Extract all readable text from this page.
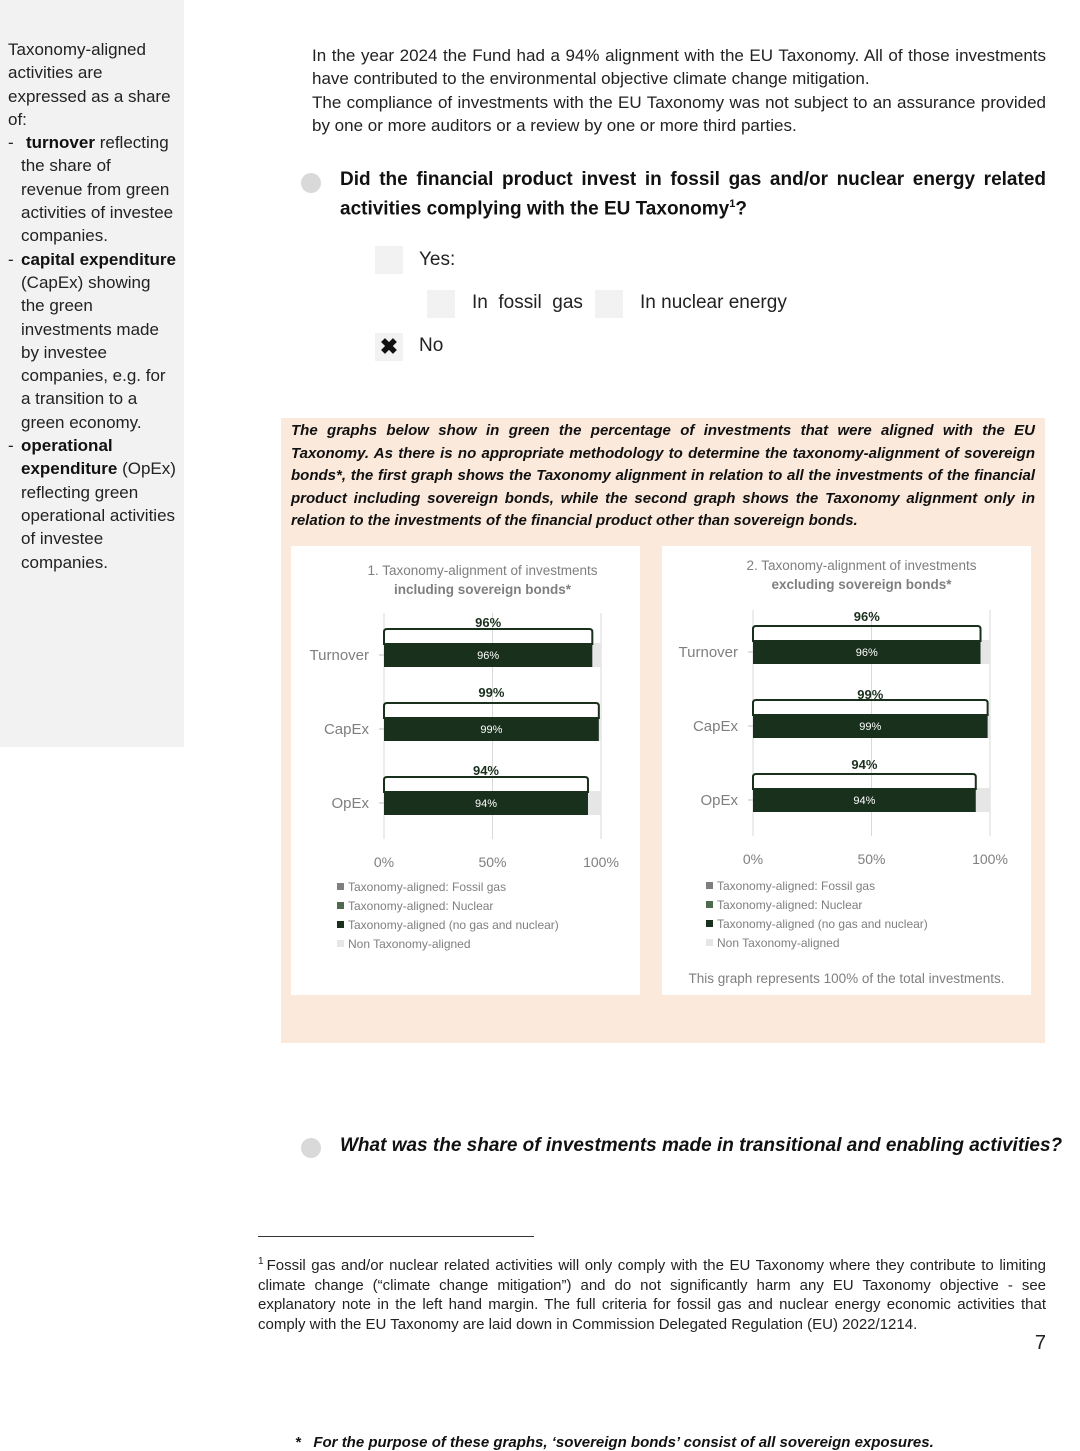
Taxonomy-aligned activities are expressed as a share of:
- turnover reflecting the share of revenue from green activities of investee companies.
- capital expenditure (CapEx) showing the green investments made by investee companies, e.g. for a transition to a green economy.
- operational expenditure (OpEx) reflecting green operational activities of investee companies.

In the year 2024 the Fund had a 94% alignment with the EU Taxonomy. All of those investments have contributed to the environmental objective climate change mitigation.

The compliance of investments with the EU Taxonomy was not subject to an assurance provided by one or more auditors or a review by one or more third parties.

Did the financial product invest in fossil gas and/or nuclear energy related activities complying with the EU Taxonomy$^1$?
Yes:
In  fossil  gas	In nuclear energy
✖ No

The graphs below show in green the percentage of investments that were aligned with the EU Taxonomy. As there is no appropriate methodology to determine the taxonomy-alignment of sovereign bonds*, the first graph shows the Taxonomy alignment in relation to all the investments of the financial product including sovereign bonds, while the second graph shows the Taxonomy alignment only in relation to the investments of the financial product other than sovereign bonds.

1. Taxonomy-alignment of investments
including sovereign bonds*
Turnover	96%
96%
CapEx	99%
99%
OpEx	94%
94%
0%	50%	100%
Taxonomy-aligned: Fossil gas
Taxonomy-aligned: Nuclear
Taxonomy-aligned (no gas and nuclear)
Non Taxonomy-aligned
2. Taxonomy-alignment of investments
excluding sovereign bonds*
Turnover	96%
96%
CapEx	99%
99%
OpEx	94%
94%
0%	50%	100%
Taxonomy-aligned: Fossil gas
Taxonomy-aligned: Nuclear
Taxonomy-aligned (no gas and nuclear)
Non Taxonomy-aligned
This graph represents 100% of the total investments.
* For the purpose of these graphs, ‘sovereign bonds’ consist of all sovereign exposures.
What was the share of investments made in transitional and enabling activities?
$^1$ Fossil gas and/or nuclear related activities will only comply with the EU Taxonomy where they contribute to limiting climate change (“climate change mitigation”) and do not significantly harm any EU Taxonomy objective - see explanatory note in the left hand margin. The full criteria for fossil gas and nuclear energy economic activities that comply with the EU Taxonomy are laid down in Commission Delegated Regulation (EU) 2022/1214.
7
